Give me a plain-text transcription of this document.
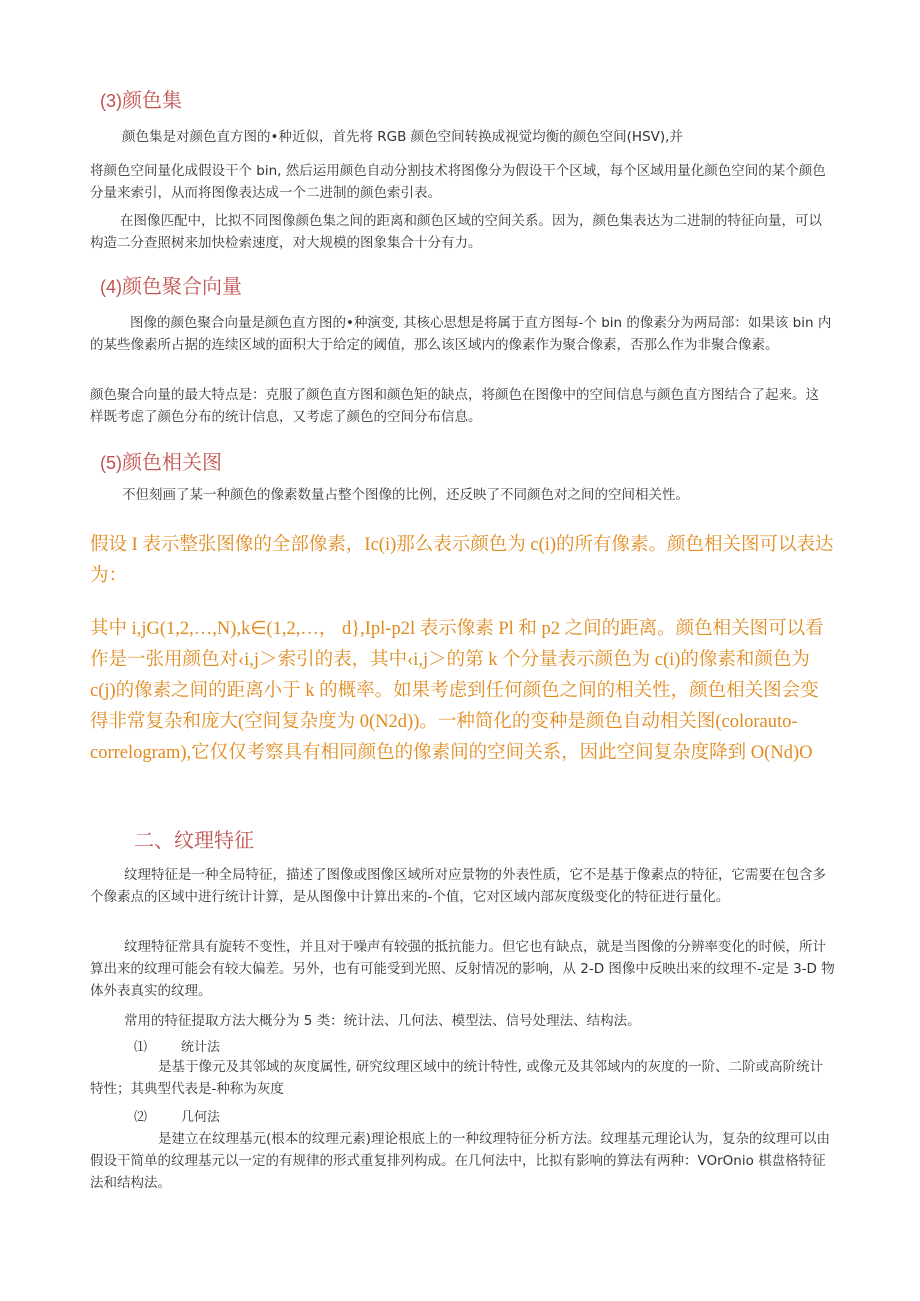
(3)颜色集
颜色集是对颜色直方图的•种近似，首先将 RGB 颜色空间转换成视觉均衡的颜色空间(HSV),并
将颜色空间量化成假设干个 bin, 然后运用颜色自动分割技术将图像分为假设干个区域，每个区域用量化颜色空间的某个颜色分量来索引，从而将图像表达成一个二进制的颜色索引表。
在图像匹配中，比拟不同图像颜色集之间的距离和颜色区域的空间关系。因为，颜色集表达为二进制的特征向量，可以构造二分查照树来加快检索速度，对大规模的图象集合十分有力。
(4)颜色聚合向量
图像的颜色聚合向量是颜色直方图的•种演变, 其核心思想是将属于直方图每-个 bin 的像素分为两局部：如果该 bin 内的某些像素所占据的连续区域的面积大于给定的阈值，那么该区域内的像素作为聚合像素，否那么作为非聚合像素。
颜色聚合向量的最大特点是：克服了颜色直方图和颜色矩的缺点，将颜色在图像中的空间信息与颜色直方图结合了起来。这样既考虑了颜色分布的统计信息，又考虑了颜色的空间分布信息。
(5)颜色相关图
不但刻画了某一种颜色的像素数量占整个图像的比例，还反映了不同颜色对之间的空间相关性。
假设 I 表示整张图像的全部像素，Ic(i)那么表示颜色为 c(i)的所有像素。颜色相关图可以表达为：
其中 i,jG(1,2,…,N),k∈(1,2,…， d},Ipl-p2l 表示像素 Pl 和 p2 之间的距离。颜色相关图可以看作是一张用颜色对‹i,j＞索引的表，其中‹i,j＞的第 k 个分量表示颜色为 c(i)的像素和颜色为 c(j)的像素之间的距离小于 k 的概率。如果考虑到任何颜色之间的相关性，颜色相关图会变得非常复杂和庞大(空间复杂度为 0(N2d))。一种简化的变种是颜色自动相关图(colorauto-correlogram),它仅仅考察具有相同颜色的像素间的空间关系，因此空间复杂度降到 O(Nd)O
二、纹理特征
纹理特征是一种全局特征，描述了图像或图像区域所对应景物的外表性质，它不是基于像素点的特征，它需要在包含多个像素点的区域中进行统计计算，是从图像中计算出来的-个值，它对区域内部灰度级变化的特征进行量化。
纹理特征常具有旋转不变性，并且对于噪声有较强的抵抗能力。但它也有缺点，就是当图像的分辨率变化的时候，所计算出来的纹理可能会有较大偏差。另外，也有可能受到光照、反射情况的影响，从 2-D 图像中反映出来的纹理不-定是 3-D 物体外表真实的纹理。
常用的特征提取方法大概分为 5 类：统计法、几何法、模型法、信号处理法、结构法。
⑴	统计法
是基于像元及其邻域的灰度属性, 研究纹理区域中的统计特性, 或像元及其邻域内的灰度的一阶、二阶或高阶统计特性；其典型代表是-种称为灰度
⑵	几何法
是建立在纹理基元(根本的纹理元素)理论根底上的一种纹理特征分析方法。纹理基元理论认为，复杂的纹理可以由假设干简单的纹理基元以一定的有规律的形式重复排列构成。在几何法中，比拟有影响的算法有两种：VOrOnio 棋盘格特征法和结构法。
